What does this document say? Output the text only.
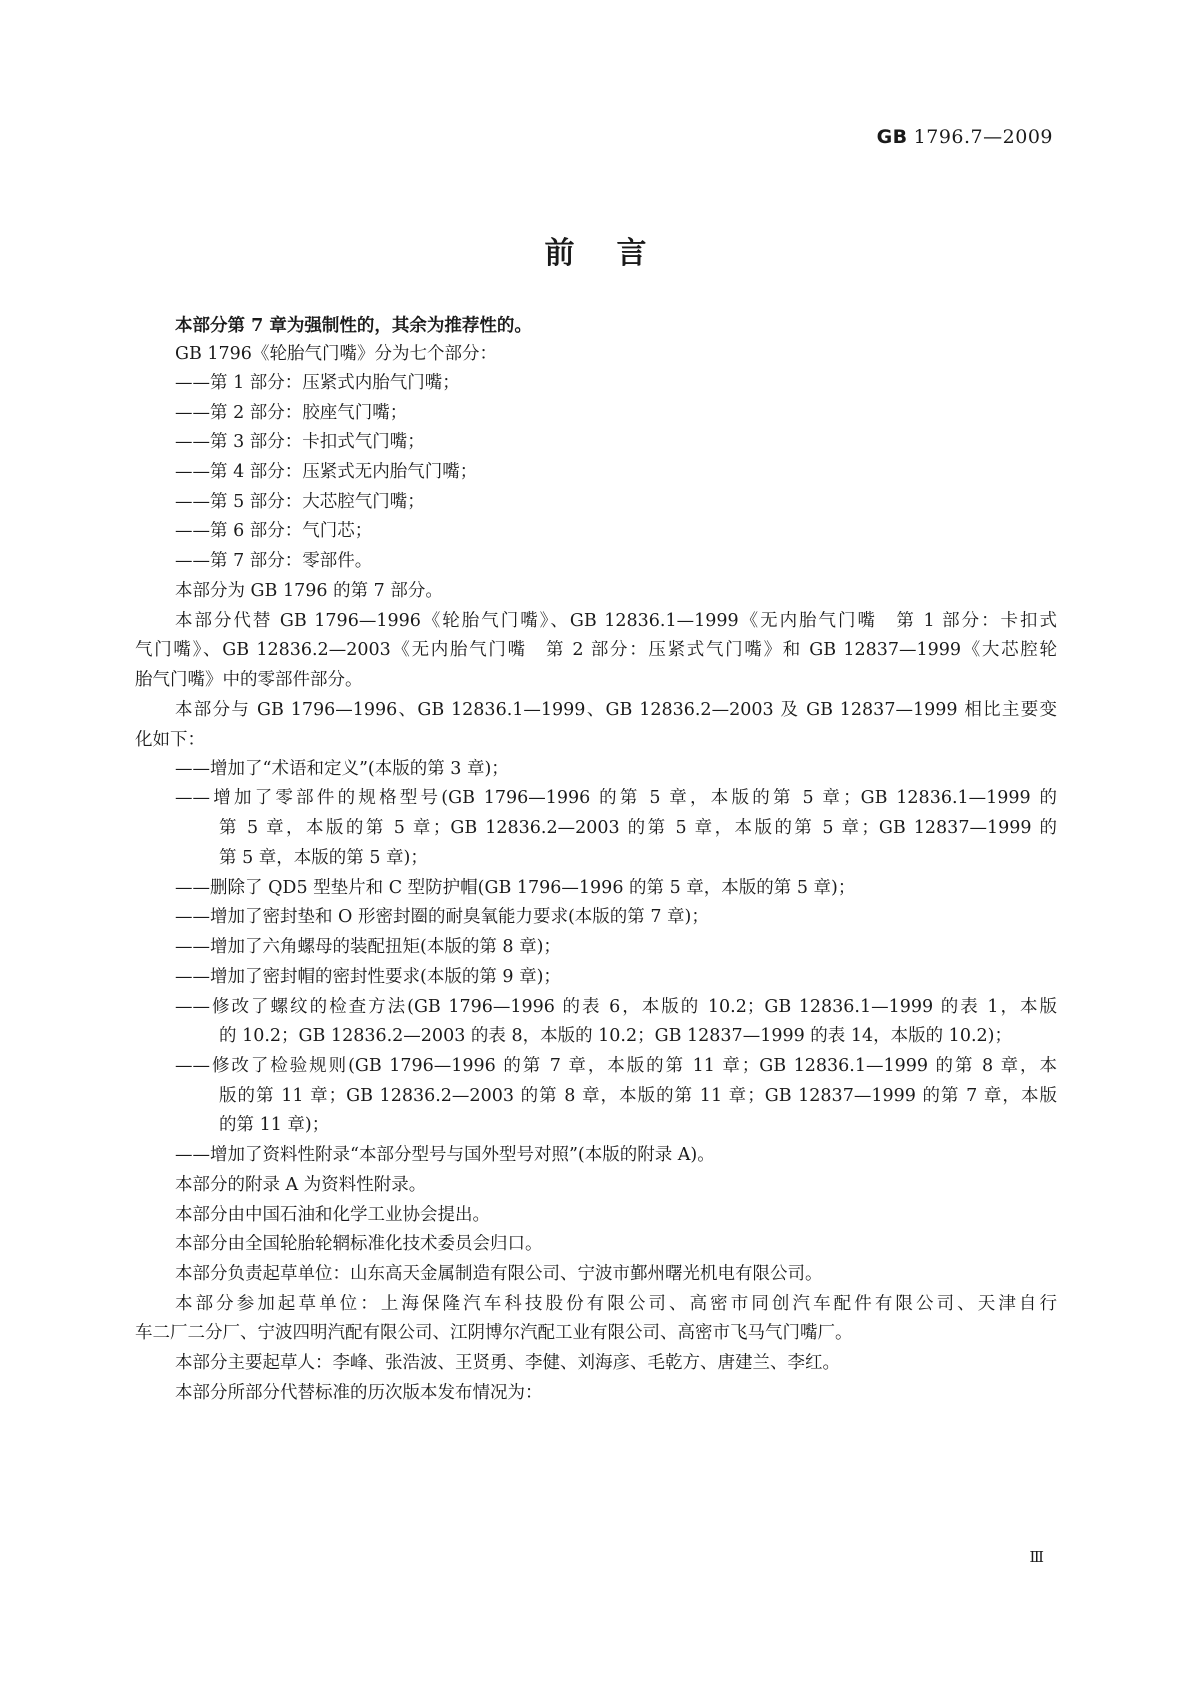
GB 1796.7—2009
前言
本部分第 7 章为强制性的，其余为推荐性的。
GB 1796《轮胎气门嘴》分为七个部分：
——第 1 部分：压紧式内胎气门嘴；
——第 2 部分：胶座气门嘴；
——第 3 部分：卡扣式气门嘴；
——第 4 部分：压紧式无内胎气门嘴；
——第 5 部分：大芯腔气门嘴；
——第 6 部分：气门芯；
——第 7 部分：零部件。
本部分为 GB 1796 的第 7 部分。
本部分代替 GB 1796—1996《轮胎气门嘴》、GB 12836.1—1999《无内胎气门嘴　第 1 部分：卡扣式
气门嘴》、GB 12836.2—2003《无内胎气门嘴　第 2 部分：压紧式气门嘴》和 GB 12837—1999《大芯腔轮
胎气门嘴》中的零部件部分。
本部分与 GB 1796—1996、GB 12836.1—1999、GB 12836.2—2003 及 GB 12837—1999 相比主要变
化如下：
——增加了“术语和定义”(本版的第 3 章)；
——增加了零部件的规格型号(GB 1796—1996 的第 5 章，本版的第 5 章；GB 12836.1—1999 的
第 5 章，本版的第 5 章；GB 12836.2—2003 的第 5 章，本版的第 5 章；GB 12837—1999 的
第 5 章，本版的第 5 章)；
——删除了 QD5 型垫片和 C 型防护帽(GB 1796—1996 的第 5 章，本版的第 5 章)；
——增加了密封垫和 O 形密封圈的耐臭氧能力要求(本版的第 7 章)；
——增加了六角螺母的装配扭矩(本版的第 8 章)；
——增加了密封帽的密封性要求(本版的第 9 章)；
——修改了螺纹的检查方法(GB 1796—1996 的表 6，本版的 10.2；GB 12836.1—1999 的表 1，本版
的 10.2；GB 12836.2—2003 的表 8，本版的 10.2；GB 12837—1999 的表 14，本版的 10.2)；
——修改了检验规则(GB 1796—1996 的第 7 章，本版的第 11 章；GB 12836.1—1999 的第 8 章，本
版的第 11 章；GB 12836.2—2003 的第 8 章，本版的第 11 章；GB 12837—1999 的第 7 章，本版
的第 11 章)；
——增加了资料性附录“本部分型号与国外型号对照”(本版的附录 A)。
本部分的附录 A 为资料性附录。
本部分由中国石油和化学工业协会提出。
本部分由全国轮胎轮辋标准化技术委员会归口。
本部分负责起草单位：山东高天金属制造有限公司、宁波市鄞州曙光机电有限公司。
本部分参加起草单位：上海保隆汽车科技股份有限公司、高密市同创汽车配件有限公司、天津自行
车二厂二分厂、宁波四明汽配有限公司、江阴博尔汽配工业有限公司、高密市飞马气门嘴厂。
本部分主要起草人：李峰、张浩波、王贤勇、李健、刘海彦、毛乾方、唐建兰、李红。
本部分所部分代替标准的历次版本发布情况为：
Ⅲ
